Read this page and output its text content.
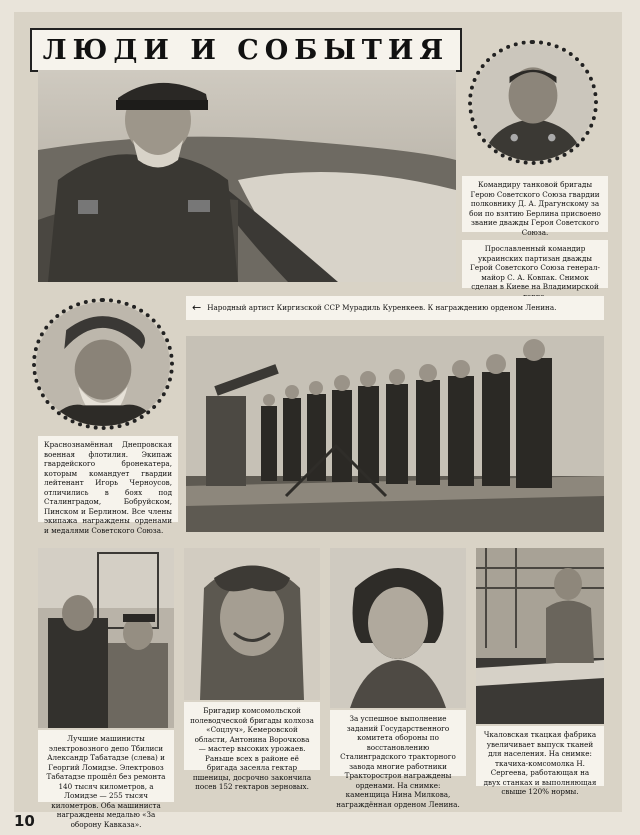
ЛЮДИ И СОБЫТИЯ
Командиру танковой бригады Герою Советского Союза гвардии полковнику Д. А. Драгунскому за бои по взятию Берлина присвоено звание дважды Героя Советского Союза.
Прославленный командир украинских партизан дважды Герой Советского Союза генерал-майор С. А. Ковпак. Снимок сделан в Киеве на Владимирской
← Народный артист Киргизской ССР Мурадиль Куренкеев. К награждению орденом Ленина.
Краснознамённая Днепровская военная флотилия. Экипаж гвардейского бронекатера, которым командует гвардии лейтенант Игорь Черноусов, отличились в боях под Сталинградом, Бобруйском, Пинском и Берлином. Все члены экипажа награждены орденами и медалями Советского Союза.
Лучшие машинисты электровозного депо Тбилиси Александр Табатадзе (слева) и Георгий Ломидзе. Электровоз Табатадзе прошёл без ремонта 140 тысяч километров, а Ломидзе — 255 тысяч километров. Оба машиниста награждены медалью «За оборону Кавказа».
Бригадир комсомольской полеводческой бригады колхоза «Соцлуч», Кемеровской области, Антонина Ворочкова — мастер высоких урожаев. Раньше всех в районе её бригада засеяла гектар пшеницы, досрочно закончила посев 152 гектаров зерновых.
За успешное выполнение заданий Государственного комитета обороны по восстановлению Сталинградского тракторного завода многие работники Тракторостроя награждены орденами. На снимке: каменщица Нина Милкова, награждённая орденом Ленина.
Чкаловская ткацкая фабрика увеличивает выпуск тканей для населения. На снимке: ткачиха-комсомолка Н. Сергеева, работающая на двух станках и выполняющая свыше 120% нормы.
10
